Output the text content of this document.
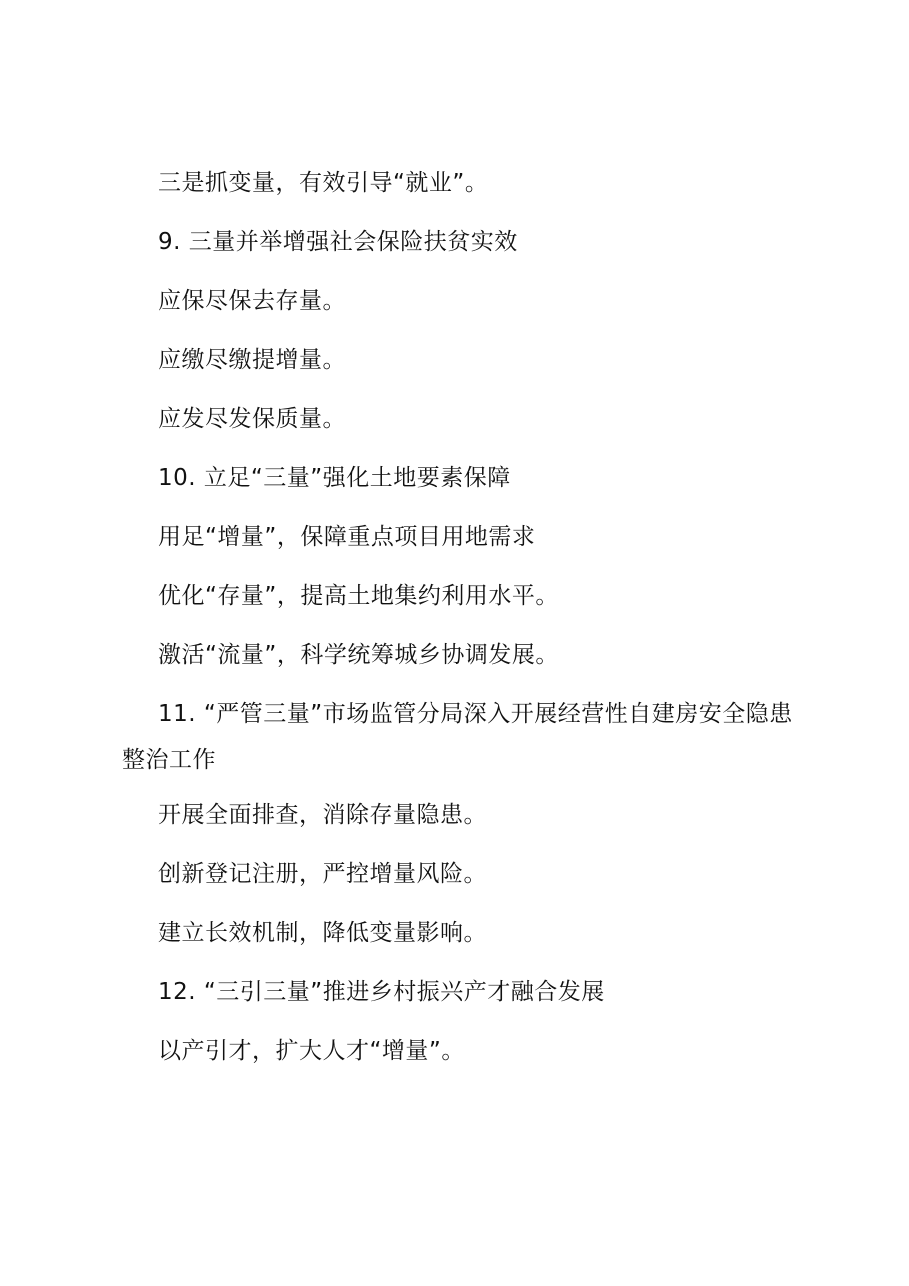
三是抓变量，有效引导“就业”。

9. 三量并举增强社会保险扶贫实效

应保尽保去存量。

应缴尽缴提增量。

应发尽发保质量。

10. 立足“三量”强化土地要素保障

用足“增量”，保障重点项目用地需求

优化“存量”，提高土地集约利用水平。

激活“流量”，科学统筹城乡协调发展。

11. “严管三量”市场监管分局深入开展经营性自建房安全隐患整治工作

开展全面排查，消除存量隐患。

创新登记注册，严控增量风险。

建立长效机制，降低变量影响。

12. “三引三量”推进乡村振兴产才融合发展

以产引才，扩大人才“增量”。
